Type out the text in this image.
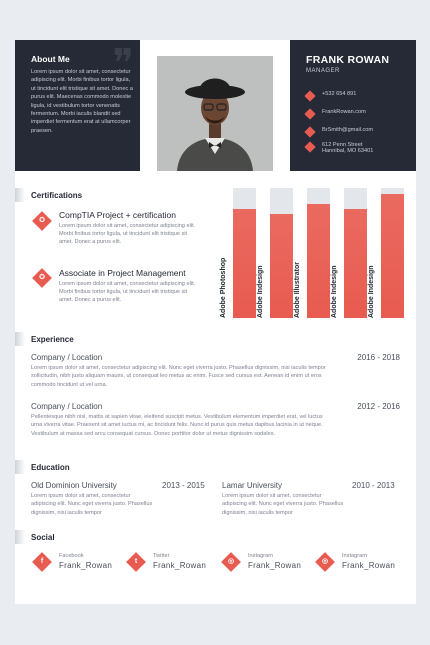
❞
About Me

Lorem ipsum dolor sit amet, consectetur adipiscing elit. Morbi finibus tortor ligula, ut tincidunt elit tristique sit amet. Donec a purus elit. Maecenas commodo molestie ligula, id vestibulum tortor venenatis fermentum. Morbi iaculis blandit sed imperdiet fermentum erat at ullamcorper praesen.

FRANK ROWAN
MANAGER
+532 654 891
FrankRowan.com
BrSmith@gmail.com
612 Penn Street
Hannibal, MO 63401
Certifications
✪
CompTIA Project + certification
Lorem ipsum dolor sit amet, consectetur adipiscing elit. Morbi finibus tortor ligula, ut tincidunt elit tristique sit amet. Donec a purus elit.
✪ Associate in Project Management
Lorem ipsum dolor sit amet, consectetur adipiscing elit. Morbi finibus tortor ligula, ut tincidunt elit tristique sit amet. Donec a purus elit.	Adobe Photoshop	Adobe Indesign	Adobe Illustrator	Adobe Indesign	Adobe Indesign
Experience
Company / Location	2016 - 2018
Lorem ipsum dolor sit amet, consectetur adipiscing elit. Nunc eget viverra justo. Phasellus dignissim, nisi iaculis tempor sollicitudin, nibh justo aliquam mauris, ut consequat leo metus ac enim. Fusce sed cursus est. Aenean id enim ut eros commodo tincidunt ut vel urna.
Company / Location	2012 - 2016
Pellentesque nibh nisl, mattis at sapien vitae, eleifend suscipit metus. Vestibulum elementum imperdiet erat, vel luctus urna viverra vitae. Praesent sit amet luctus mi, ac tincidunt felis. Nunc id purus quis metus dapibus lacinia in ut neque. Vestibulum at massa sed arcu consequat cursus. Donec porttitor dolor ut metus dignissim sodales.
Education
Old Dominion University	2013 - 2015
Lorem ipsum dolor sit amet, consectetur adipiscing elit. Nunc eget viverra justo. Phasellus dignissim, nisi iaculis tempor
Lamar University	2010 - 2013
Lorem ipsum dolor sit amet, consectetur adipiscing elit. Nunc eget viverra justo. Phasellus dignissim, nisi iaculis tempor
Social
f
Facebook
Frank_Rowan	t
Twitter
Frank_Rowan	◎
Instagram
Frank_Rowan	◎
Instagram
Frank_Rowan
